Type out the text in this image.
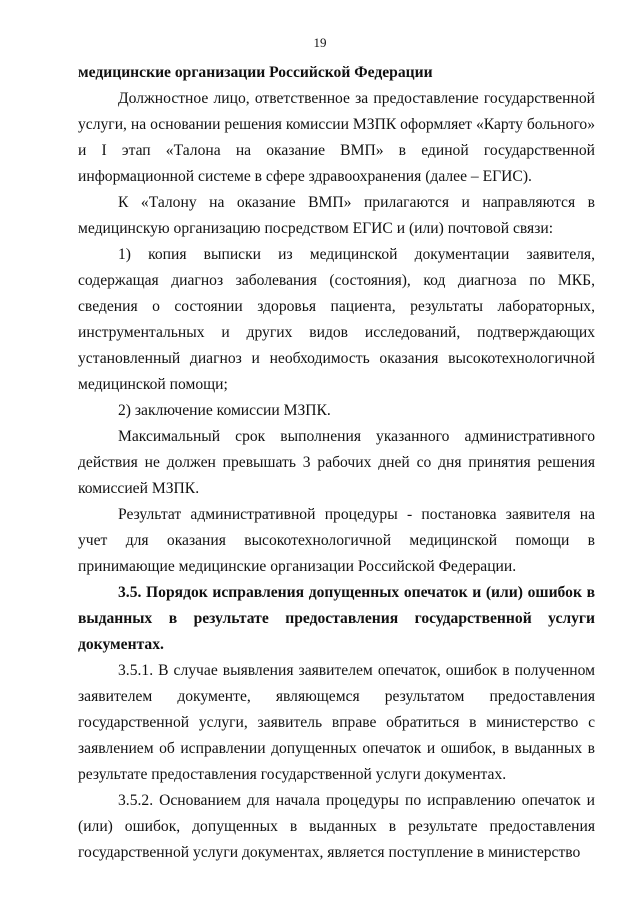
19

медицинские организации Российской Федерации

Должностное лицо, ответственное за предоставление государственной услуги, на основании решения комиссии МЗПК оформляет «Карту больного» и I этап «Талона на оказание ВМП» в единой государственной информационной системе в сфере здравоохранения (далее – ЕГИС).

К «Талону на оказание ВМП» прилагаются и направляются в медицинскую организацию посредством ЕГИС и (или) почтовой связи:

1) копия выписки из медицинской документации заявителя, содержащая диагноз заболевания (состояния), код диагноза по МКБ, сведения о состоянии здоровья пациента, результаты лабораторных, инструментальных и других видов исследований, подтверждающих установленный диагноз и необходимость оказания высокотехнологичной медицинской помощи;

2) заключение комиссии МЗПК.

Максимальный срок выполнения указанного административного действия не должен превышать 3 рабочих дней со дня принятия решения комиссией МЗПК.

Результат административной процедуры - постановка заявителя на учет для оказания высокотехнологичной медицинской помощи в принимающие медицинские организации Российской Федерации.

3.5. Порядок исправления допущенных опечаток и (или) ошибок в выданных в результате предоставления государственной услуги документах.

3.5.1. В случае выявления заявителем опечаток, ошибок в полученном заявителем документе, являющемся результатом предоставления государственной услуги, заявитель вправе обратиться в министерство с заявлением об исправлении допущенных опечаток и ошибок, в выданных в результате предоставления государственной услуги документах.

3.5.2. Основанием для начала процедуры по исправлению опечаток и (или) ошибок, допущенных в выданных в результате предоставления государственной услуги документах, является поступление в министерство
